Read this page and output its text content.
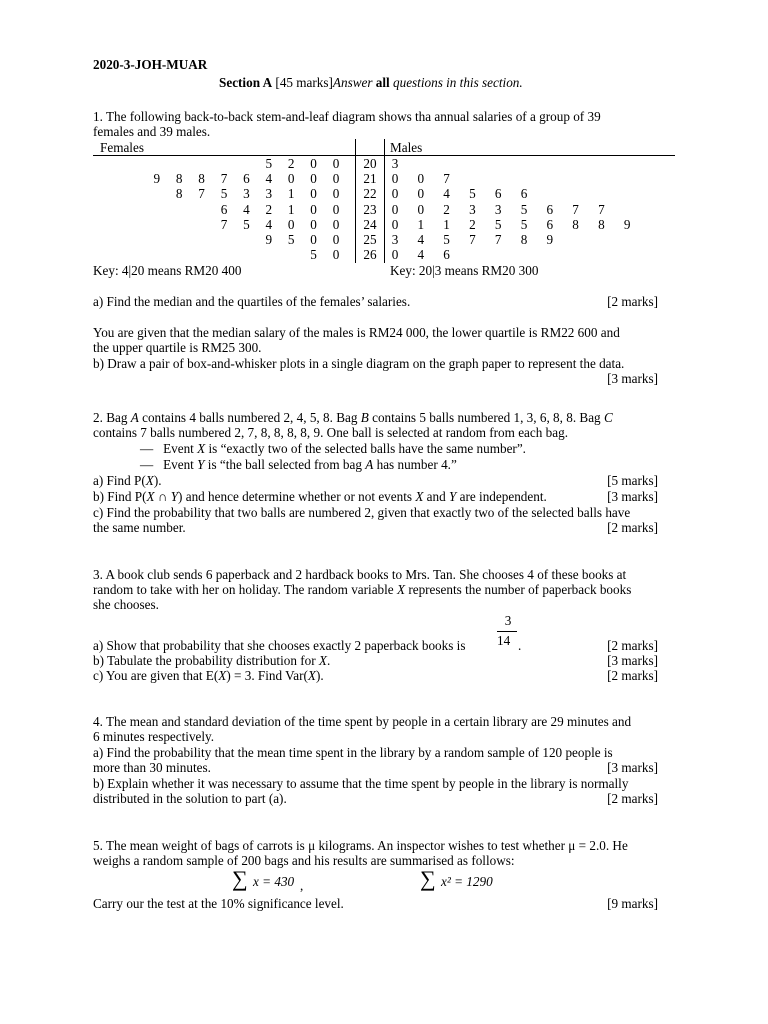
2020-3-JOH-MUAR
Section A [45 marks]Answer all questions in this section.
1. The following back-to-back stem-and-leaf diagram shows tha annual salaries of a group of 39
females and 39 males.
Females	Males
5 2 0 0	20	3
9 8 8 7 6 4 0 0 0	21	0 0 7
8 7 5 3 3 1 0 0	22	0 0 4 5 6 6
6 4 2 1 0 0	23	0 0 2 3 3 5 6 7 7
7 5 4 0 0 0	24	0 1 1 2 5 5 6 8 8 9
9 5 0 0	25	3 4 5 7 7 8 9
5 0	26	0 4 6
Key: 4|20 means RM20 400	Key: 20|3 means RM20 300
a) Find the median and the quartiles of the females’ salaries.	[2 marks]
You are given that the median salary of the males is RM24 000, the lower quartile is RM22 600 and
the upper quartile is RM25 300.
b) Draw a pair of box-and-whisker plots in a single diagram on the graph paper to represent the data.
[3 marks]
2. Bag A contains 4 balls numbered 2, 4, 5, 8. Bag B contains 5 balls numbered 1, 3, 6, 8, 8. Bag C
contains 7 balls numbered 2, 7, 8, 8, 8, 8, 9. One ball is selected at random from each bag.
— Event X is “exactly two of the selected balls have the same number”.
— Event Y is “the ball selected from bag A has number 4.”
a) Find P(X).	[5 marks]
b) Find P(X ∩ Y) and hence determine whether or not events X and Y are independent.	[3 marks]
c) Find the probability that two balls are numbered 2, given that exactly two of the selected balls have
the same number.	[2 marks]
3. A book club sends 6 paperback and 2 hardback books to Mrs. Tan. She chooses 4 of these books at
random to take with her on holiday. The random variable X represents the number of paperback books
she chooses.
3
14
a) Show that probability that she chooses exactly 2 paperback books is	.	[2 marks]
b) Tabulate the probability distribution for X.	[3 marks]
c) You are given that E(X) = 3. Find Var(X).	[2 marks]
4. The mean and standard deviation of the time spent by people in a certain library are 29 minutes and
6 minutes respectively.
a) Find the probability that the mean time spent in the library by a random sample of 120 people is
more than 30 minutes.	[3 marks]
b) Explain whether it was necessary to assume that the time spent by people in the library is normally
distributed in the solution to part (a).	[2 marks]
5. The mean weight of bags of carrots is μ kilograms. An inspector wishes to test whether μ = 2.0. He
weighs a random sample of 200 bags and his results are summarised as follows:
∑ x = 430 ,	∑ x² = 1290
Carry our the test at the 10% significance level.	[9 marks]
